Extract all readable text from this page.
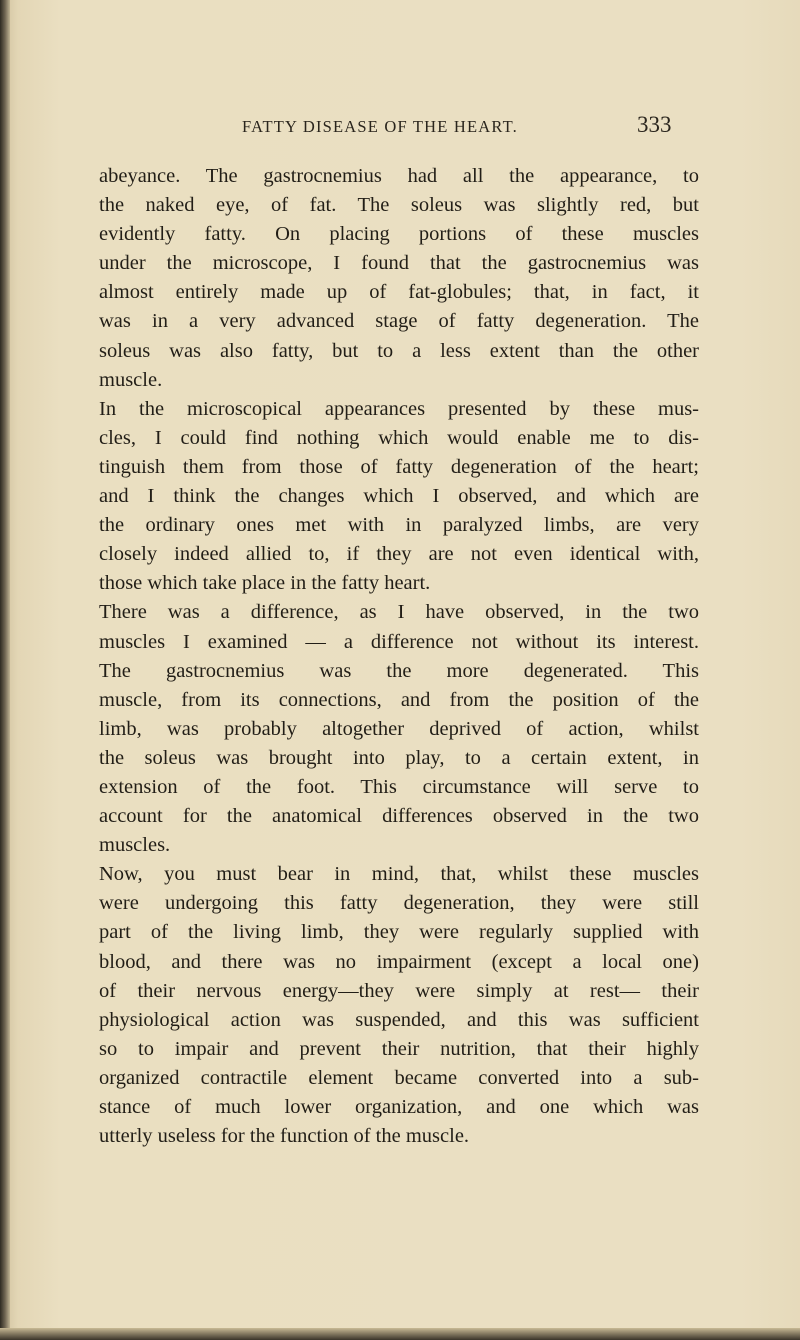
FATTY DISEASE OF THE HEART.	333
abeyance. The gastrocnemius had all the appearance, to
the naked eye, of fat. The soleus was slightly red, but
evidently fatty. On placing portions of these muscles
under the microscope, I found that the gastrocnemius was
almost entirely made up of fat-globules; that, in fact, it
was in a very advanced stage of fatty degeneration. The
soleus was also fatty, but to a less extent than the other
muscle.
In the microscopical appearances presented by these mus-
cles, I could find nothing which would enable me to dis-
tinguish them from those of fatty degeneration of the heart;
and I think the changes which I observed, and which are
the ordinary ones met with in paralyzed limbs, are very
closely indeed allied to, if they are not even identical with,
those which take place in the fatty heart.
There was a difference, as I have observed, in the two
muscles I examined — a difference not without its interest.
The gastrocnemius was the more degenerated. This
muscle, from its connections, and from the position of the
limb, was probably altogether deprived of action, whilst
the soleus was brought into play, to a certain extent, in
extension of the foot. This circumstance will serve to
account for the anatomical differences observed in the two
muscles.
Now, you must bear in mind, that, whilst these muscles
were undergoing this fatty degeneration, they were still
part of the living limb, they were regularly supplied with
blood, and there was no impairment (except a local one)
of their nervous energy—they were simply at rest— their
physiological action was suspended, and this was sufficient
so to impair and prevent their nutrition, that their highly
organized contractile element became converted into a sub-
stance of much lower organization, and one which was
utterly useless for the function of the muscle.
